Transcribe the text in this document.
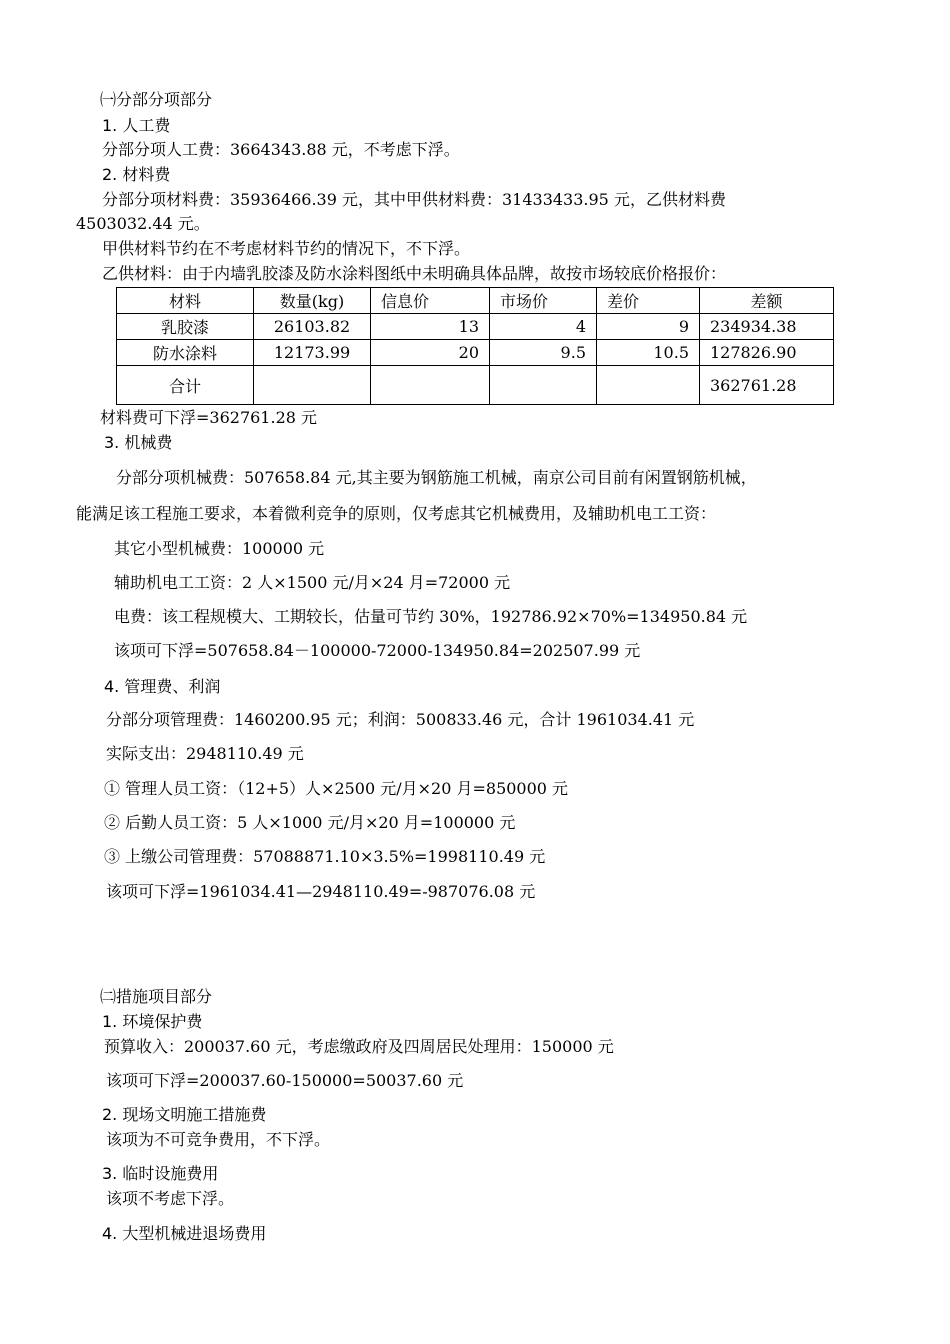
㈠分部分项部分
1. 人工费
分部分项人工费：3664343.88 元，不考虑下浮。
2. 材料费
分部分项材料费：35936466.39 元，其中甲供材料费：31433433.95 元，乙供材料费
4503032.44 元。
甲供材料节约在不考虑材料节约的情况下，不下浮。
乙供材料：由于内墙乳胶漆及防水涂料图纸中未明确具体品牌，故按市场较底价格报价：
材料	数量(kg)	信息价	市场价	差价	差额
乳胶漆	26103.82	13	4	9	234934.38
防水涂料	12173.99	20	9.5	10.5	127826.90
合计					362761.28
材料费可下浮=362761.28 元
3. 机械费
分部分项机械费：507658.84 元,其主要为钢筋施工机械，南京公司目前有闲置钢筋机械，
能满足该工程施工要求，本着微利竞争的原则，仅考虑其它机械费用，及辅助机电工工资：
其它小型机械费：100000 元
辅助机电工工资：2 人×1500 元/月×24 月=72000 元
电费：该工程规模大、工期较长，估量可节约 30%，192786.92×70%=134950.84 元
该项可下浮=507658.84－100000-72000-134950.84=202507.99 元
4. 管理费、利润
分部分项管理费：1460200.95 元；利润：500833.46 元，合计 1961034.41 元
实际支出：2948110.49 元
① 管理人员工资：（12+5）人×2500 元/月×20 月=850000 元
② 后勤人员工资：5 人×1000 元/月×20 月=100000 元
③ 上缴公司管理费：57088871.10×3.5%=1998110.49 元
该项可下浮=1961034.41—2948110.49=-987076.08 元
㈡措施项目部分
1. 环境保护费
预算收入：200037.60 元，考虑缴政府及四周居民处理用：150000 元
该项可下浮=200037.60-150000=50037.60 元
2. 现场文明施工措施费
该项为不可竞争费用，不下浮。
3. 临时设施费用
该项不考虑下浮。
4. 大型机械进退场费用
